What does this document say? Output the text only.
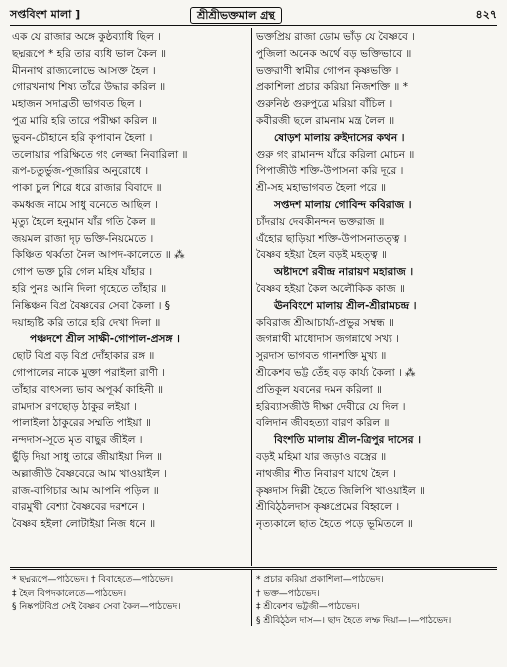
সপ্তবিংশ মালা ]	শ্রীশ্রীভক্তমাল গ্রন্থ	৪২৭
এক যে রাজার অঙ্গে কুষ্ঠব্যাধি ছিল ।
ছদ্মরূপে * হরি তার ব্যধি ভাল কৈল ॥
মীননাথ রাজ্যলোভে আসক্ত হৈল ।
গোরখনাথ শিষ্য তাঁরে উদ্ধার করিল ॥
মহাজন সদাব্রতী ভাগবত ছিল ।
পুত্র মারি হরি তারে পরীক্ষা করিল ॥
ভুবন-চৌহানে হরি কৃপাবান হৈলা ।
তলোয়ার পরিক্ষিতে গং লেজ্জা নিবারিলা ॥
রূপ-চতুর্ভুজ-পূজারির অনুরোধে ।
পাকা চুল শিরে ধরে রাজার বিবাদে ॥
কমধ্বজ নামে সাধু বনেতে আছিল ।
মৃত্যু হৈলে হনুমান যাঁর গতি কৈল ॥
জয়মল রাজা দৃঢ় ভক্তি-নিয়মেতে ।
কিঞ্চিত থর্ব্বতা নৈল আপদ-কালেতে ॥ ⁂
গোপ ভক্ত চুরি গেল মহিষ যাঁহার ।
হরি পুনঃ আনি দিলা গৃহেতে তাঁহার ॥
নিষ্কিঞ্চন বিপ্র বৈষ্ণবের সেবা কৈলা । §
দয়াহৃষ্টি করি তারে হরি দেখা দিলা ॥
পঞ্চদশে শ্রীল সাক্ষী-গোপাল-প্রসঙ্গ ।
ছোট বিপ্র বড় বিপ্র দোঁহাকার রঙ্গ ॥
গোপালের নাকে মুক্তা পরাইলা রাণী ।
তাঁহার বাৎসল্য ভাব অপূর্ব্ব কাহিনী ॥
রামদাস রণছোড় ঠাকুর লইয়া ।
পালাইলা ঠাকুরের সম্মতি পাইয়া ॥
নন্দদাস-সূতে মৃত বাছুর জীইল ।
ছুঁড়ি দিয়া সাধু তারে জীয়াইয়া দিল ॥
অল্লাজীউ বৈষ্ণবেরে আম খাওয়াইল ।
রাজ-বাগিচার আম আপনি পড়িল ॥
বারমুখী বেশ্যা বৈষ্ণবের দরশনে ।
বৈষ্ণব হইলা লোটাইয়া নিজ ধনে ॥
ভক্তপ্রিয় রাজা ডোম ভাঁড় যে বৈষ্ণবে ।
পুজিলা অনেক অর্থে বড় ভক্তিভাবে ॥
ভক্তরাণী স্বামীর গোপন কৃষ্ণভক্তি ।
প্রকাশিলা প্রচার করিয়া নিজশক্তি ॥ *
গুরুনিষ্ঠ গুরুপুত্রে মরিয়া বাঁচিল ।
কবীরজী ছলে রামনাম মন্ত্র লৈল ॥
ষোড়শ মালায় রুইদাসের কথন ।
গুরু গং রামানন্দ যাঁরে করিলা মোচন ॥
পিপাজীউ শক্তি-উপাসনা করি দূরে ।
শ্রী-সহ মহাভাগবত হৈলা পরে ॥
সপ্তদশ মালায় গোবিন্দ কবিরাজ ।
চাঁদরায় দেবকীনন্দন ভক্তরাজ ॥
এঁহোর ছাড়িয়া শক্তি-উপাসনাতত্ত্ব ।
বৈষ্ণব হইয়া হৈল বড়ই মহত্ত্ব ॥
অষ্টাদশে রবীন্দ্র নারায়ণ মহারাজ ।
বৈষ্ণব হইয়া কৈল অলৌকিক কাজ ॥
ঊনবিংশে মালায় শ্রীল-শ্রীরামচন্দ্র ।
কবিরাজ শ্রীআচার্য্য-প্রভুর সম্বন্ধ ॥
জগন্নাথী মাধোদাস জগন্নাথে সখ্য ।
সুরদাস ভাগবত গানশক্তি মুখ্য ॥
শ্রীকেশব ভট্ট তেঁহ বড় কার্য্য কৈলা । ⁂
প্রতিকূল যবনের দমন করিলা ॥
হরিব্যাসজীউ দীক্ষা দেবীরে যে দিল ।
বলিদান জীবহত্যা বারণ করিল ॥
বিংশতি মালায় শ্রীল-ত্রিপুর দাসের ।
বড়ই মহিমা যার জড়াও বস্ত্রের ॥
নাথজীর শীত নিবারণ যাথে হৈল ।
কৃষ্ণদাস দিল্লী হৈতে জিলিপি খাওয়াইল ॥
শ্রীবিঠ্ঠলদাস কৃষ্ণপ্রেমের বিহ্বলে ।
নৃত্যকালে ছাত হৈতে পড়ে ভূমিতলে ॥
* ছদ্মরূপে—পাঠভেদ। † বিবাহেতে—পাঠভেদ।
‡ হৈল বিপদকালেতে—পাঠভেদ।
§ নিষ্কপটবিপ্র সেই বৈষ্ণব সেবা কৈল—পাঠভেদ।
* প্রচার করিয়া প্রকাশিলা—পাঠভেদ।
† ভক্ত—পাঠভেদ।
‡ শ্রীকেশব ভট্টজী—পাঠভেদ।
§ শ্রীবিঠ্ঠল দাস—। ছাদ হৈতে লম্ফ দিয়া—।—পাঠভেদ।
